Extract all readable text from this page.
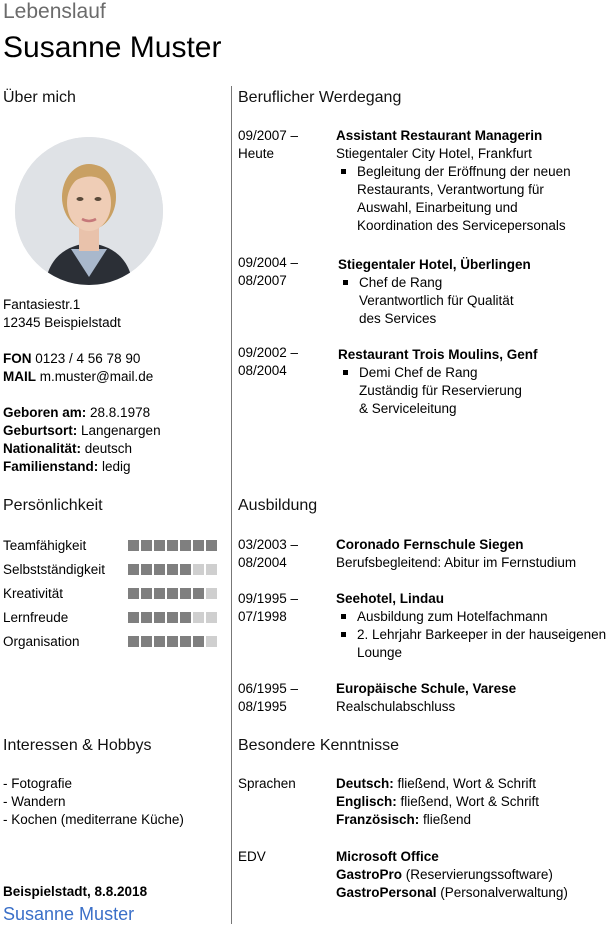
Lebenslauf
Susanne Muster
Über mich
Fantasiestr.1
12345 Beispielstadt
FON 0123 / 4 56 78 90
MAIL m.muster@mail.de
Geboren am: 28.8.1978
Geburtsort: Langenargen
Nationalität: deutsch
Familienstand: ledig
Persönlichkeit
Teamfähigkeit
Selbstständigkeit
Kreativität
Lernfreude
Organisation
Interessen & Hobbys
- Fotografie
- Wandern
- Kochen (mediterrane Küche)
Beispielstadt, 8.8.2018
Susanne Muster
Beruflicher Werdegang
09/2007 –
Heute
Assistant Restaurant Managerin
Stiegentaler City Hotel, Frankfurt
Begleitung der Eröffnung der neuen Restaurants, Verantwortung für Auswahl, Einarbeitung und Koordination des Servicepersonals
09/2004 –
08/2007
Stiegentaler Hotel, Überlingen
Chef de Rang Verantwortlich für Qualität des Services
09/2002 –
08/2004
Restaurant Trois Moulins, Genf
Demi Chef de Rang Zuständig für Reservierung & Serviceleitung
Ausbildung
03/2003 –
08/2004
Coronado Fernschule Siegen
Berufsbegleitend: Abitur im Fernstudium
09/1995 –
07/1998
Seehotel, Lindau
Ausbildung zum Hotelfachmann
2. Lehrjahr Barkeeper in der hauseigenen Lounge
06/1995 –
08/1995
Europäische Schule, Varese
Realschulabschluss
Besondere Kenntnisse
Sprachen	Deutsch: fließend, Wort & Schrift
Englisch: fließend, Wort & Schrift
Französisch: fließend
EDV	Microsoft Office
GastroPro (Reservierungssoftware)
GastroPersonal (Personalverwaltung)
